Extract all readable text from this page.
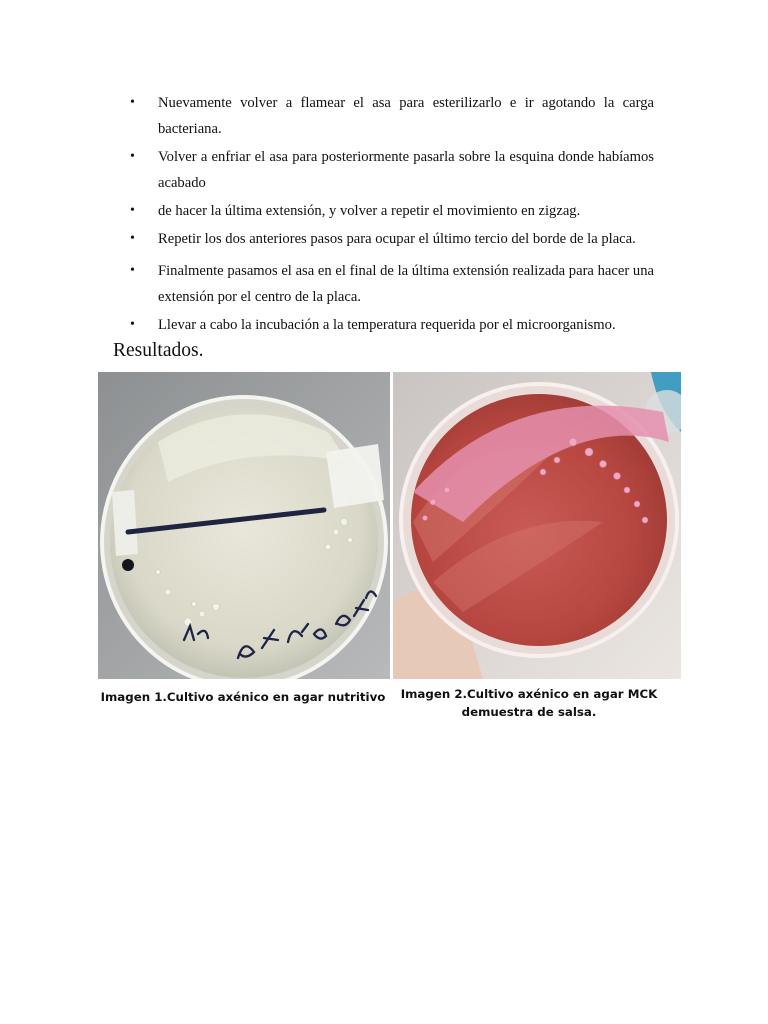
• Nuevamente volver a flamear el asa para esterilizarlo e ir agotando la carga bacteriana.
• Volver a enfriar el asa para posteriormente pasarla sobre la esquina donde habíamos acabado
• de hacer la última extensión, y volver a repetir el movimiento en zigzag.
• Repetir los dos anteriores pasos para ocupar el último tercio del borde de la placa.
• Finalmente pasamos el asa en el final de la última extensión realizada para hacer una extensión por el centro de la placa.
• Llevar a cabo la incubación a la temperatura requerida por el microorganismo.
Resultados.
Imagen 1.Cultivo axénico en agar nutritivo Imagen 2.Cultivo axénico en agar MCK demuestra de salsa.
